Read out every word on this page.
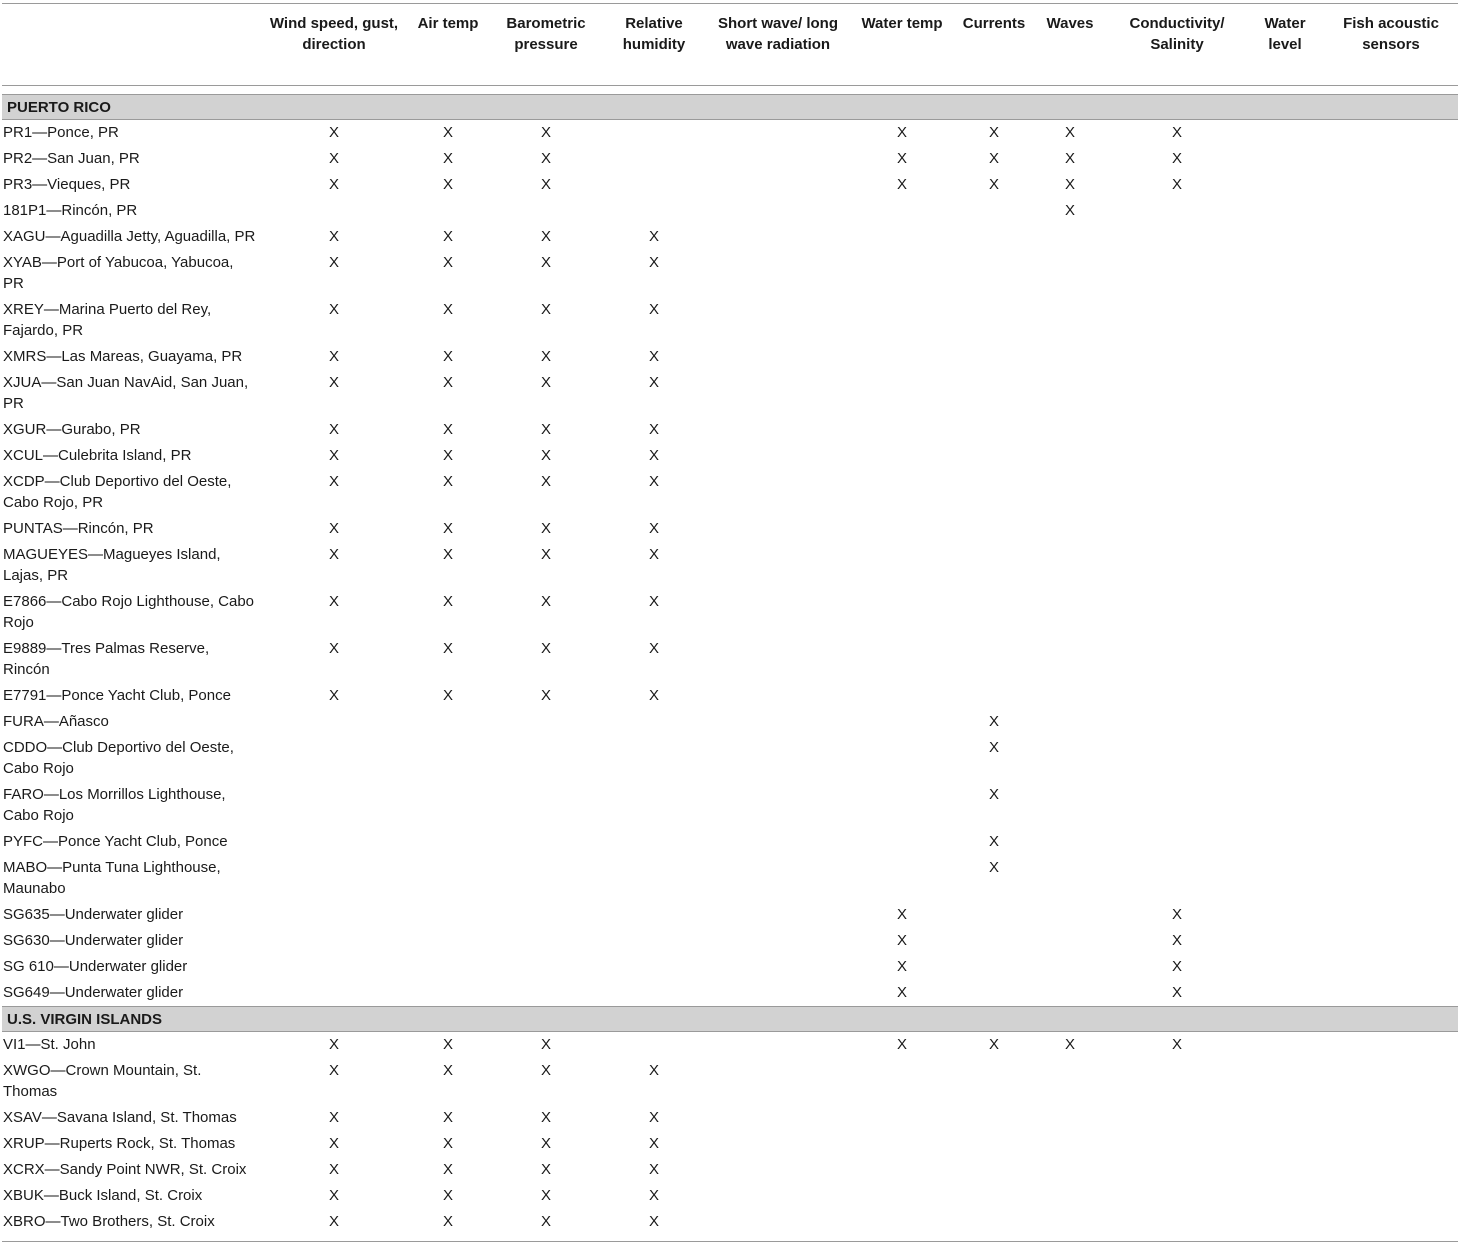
	Wind speed, gust, direction	Air temp	Barometric pressure	Relative humidity	Short wave/ long wave radiation	Water temp	Currents	Waves	Conductivity/ Salinity	Water level	Fish acoustic sensors

PUERTO RICO											
PR1—Ponce, PR	X	X	X			X	X	X	X		
PR2—San Juan, PR	X	X	X			X	X	X	X		
PR3—Vieques, PR	X	X	X			X	X	X	X		
181P1—Rincón, PR								X			
XAGU—Aguadilla Jetty, Aguadilla, PR	X	X	X	X							
XYAB—Port of Yabucoa, Yabucoa, PR	X	X	X	X							
XREY—Marina Puerto del Rey, Fajardo, PR	X	X	X	X							
XMRS—Las Mareas, Guayama, PR	X	X	X	X							
XJUA—San Juan NavAid, San Juan, PR	X	X	X	X							
XGUR—Gurabo, PR	X	X	X	X							
XCUL—Culebrita Island, PR	X	X	X	X							
XCDP—Club Deportivo del Oeste, Cabo Rojo, PR	X	X	X	X							
PUNTAS—Rincón, PR	X	X	X	X							
MAGUEYES—Magueyes Island, Lajas, PR	X	X	X	X							
E7866—Cabo Rojo Lighthouse, Cabo Rojo	X	X	X	X							
E9889—Tres Palmas Reserve, Rincón	X	X	X	X							
E7791—Ponce Yacht Club, Ponce	X	X	X	X							
FURA—Añasco							X				
CDDO—Club Deportivo del Oeste, Cabo Rojo							X				
FARO—Los Morrillos Lighthouse, Cabo Rojo							X				
PYFC—Ponce Yacht Club, Ponce							X				
MABO—Punta Tuna Lighthouse, Maunabo							X				
SG635—Underwater glider						X			X		
SG630—Underwater glider						X			X		
SG 610—Underwater glider						X			X		
SG649—Underwater glider						X			X		
U.S. VIRGIN ISLANDS											
VI1—St. John	X	X	X			X	X	X	X		
XWGO—Crown Mountain, St. Thomas	X	X	X	X							
XSAV—Savana Island, St. Thomas	X	X	X	X							
XRUP—Ruperts Rock, St. Thomas	X	X	X	X							
XCRX—Sandy Point NWR, St. Croix	X	X	X	X							
XBUK—Buck Island, St. Croix	X	X	X	X							
XBRO—Two Brothers, St. Croix	X	X	X	X							
